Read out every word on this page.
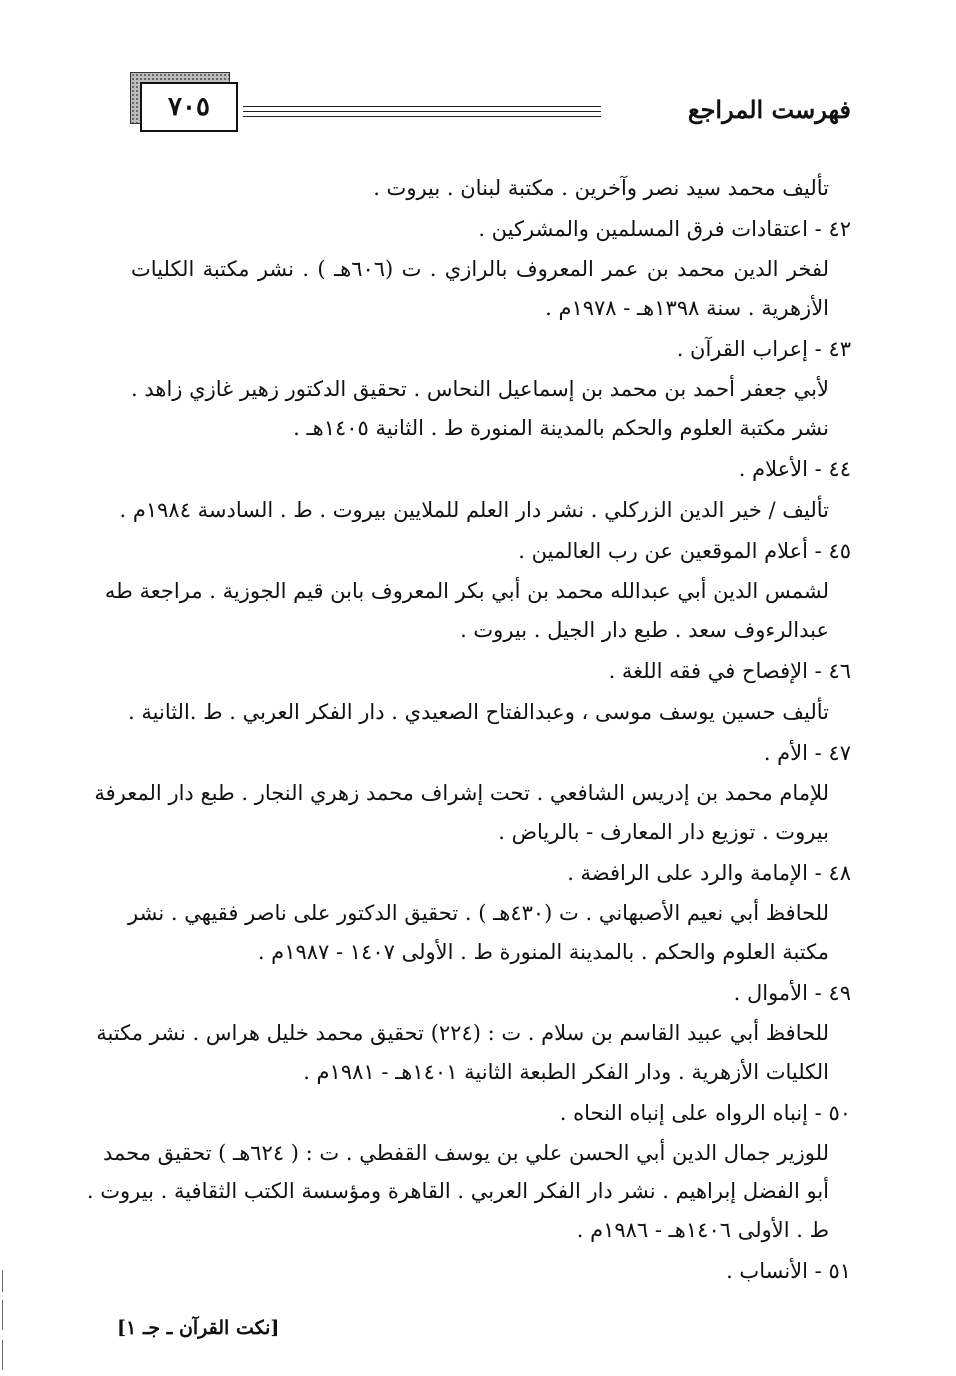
فهرست المراجع
٧٠٥
تأليف محمد سيد نصر وآخرين . مكتبة لبنان . بيروت .
٤٢ - اعتقادات فرق المسلمين والمشركين .
لفخر الدين محمد بن عمر المعروف بالرازي . ت (٦٠٦هـ ) . نشر مكتبة الكليات
الأزهرية . سنة ١٣٩٨هـ - ١٩٧٨م .
٤٣ - إعراب القرآن .
لأبي جعفر أحمد بن محمد بن إسماعيل النحاس . تحقيق الدكتور زهير غازي زاهد .
نشر مكتبة العلوم والحكم بالمدينة المنورة ط . الثانية ١٤٠٥هـ .
٤٤ - الأعلام .
تأليف / خير الدين الزركلي . نشر دار العلم للملايين بيروت . ط . السادسة ١٩٨٤م .
٤٥ - أعلام الموقعين عن رب العالمين .
لشمس الدين أبي عبدالله محمد بن أبي بكر المعروف بابن قيم الجوزية . مراجعة طه
عبدالرءوف سعد . طبع دار الجيل . بيروت .
٤٦ - الإفصاح في فقه اللغة .
تأليف حسين يوسف موسى ، وعبدالفتاح الصعيدي . دار الفكر العربي . ط .الثانية .
٤٧ - الأم .
للإمام محمد بن إدريس الشافعي . تحت إشراف محمد زهري النجار . طبع دار المعرفة
بيروت . توزيع دار المعارف - بالرياض .
٤٨ - الإمامة والرد على الرافضة .
للحافظ أبي نعيم الأصبهاني . ت (٤٣٠هـ ) . تحقيق الدكتور على ناصر فقيهي . نشر
مكتبة العلوم والحكم . بالمدينة المنورة ط . الأولى ١٤٠٧ - ١٩٨٧م .
٤٩ - الأموال .
للحافظ أبي عبيد القاسم بن سلام . ت : (٢٢٤) تحقيق محمد خليل هراس . نشر مكتبة
الكليات الأزهرية . ودار الفكر الطبعة الثانية ١٤٠١هـ - ١٩٨١م .
٥٠ - إنباه الرواه على إنباه النحاه .
للوزير جمال الدين أبي الحسن علي بن يوسف القفطي . ت : ( ٦٢٤هـ ) تحقيق محمد
أبو الفضل إبراهيم . نشر دار الفكر العربي . القاهرة ومؤسسة الكتب الثقافية . بيروت .
ط . الأولى ١٤٠٦هـ - ١٩٨٦م .
٥١ - الأنساب .
[نكت القرآن ـ جـ ١]
